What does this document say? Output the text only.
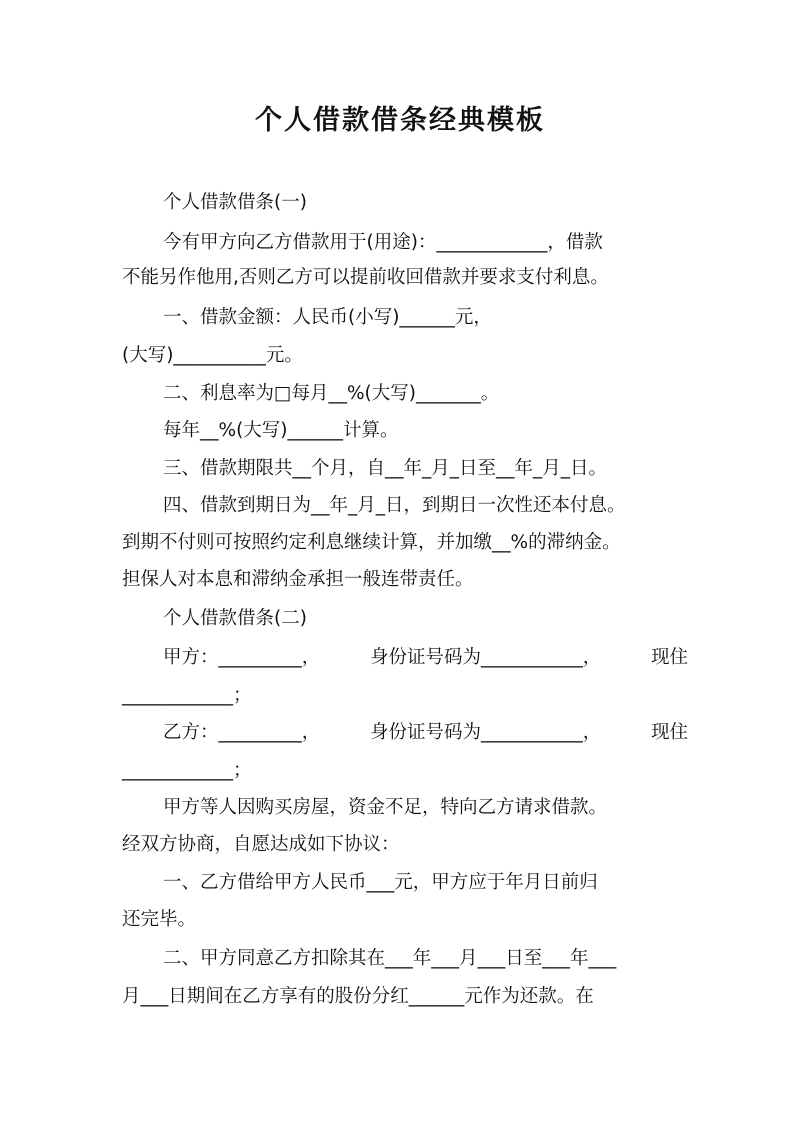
个人借款借条经典模板
个人借款借条(一)
今有甲方向乙方借款用于(用途)：____________，借款
不能另作他用,否则乙方可以提前收回借款并要求支付利息。
一、借款金额：人民币(小写)______元，
(大写)__________元。
二、利息率为□每月__%(大写)_______。
每年__%(大写)______计算。
三、借款期限共__个月，自__年_月_日至__年_月_日。
四、借款到期日为__年_月_日，到期日一次性还本付息。
到期不付则可按照约定利息继续计算，并加缴__%的滞纳金。
担保人对本息和滞纳金承担一般连带责任。
个人借款借条(二)
甲方：_________，	身份证号码为___________，	现住
____________；
乙方：_________，	身份证号码为___________，	现住
____________；
甲方等人因购买房屋，资金不足，特向乙方请求借款。
经双方协商，自愿达成如下协议：
一、乙方借给甲方人民币___元，甲方应于年月日前归
还完毕。
二、甲方同意乙方扣除其在___年___月___日至___年___
月___日期间在乙方享有的股份分红______元作为还款。在
